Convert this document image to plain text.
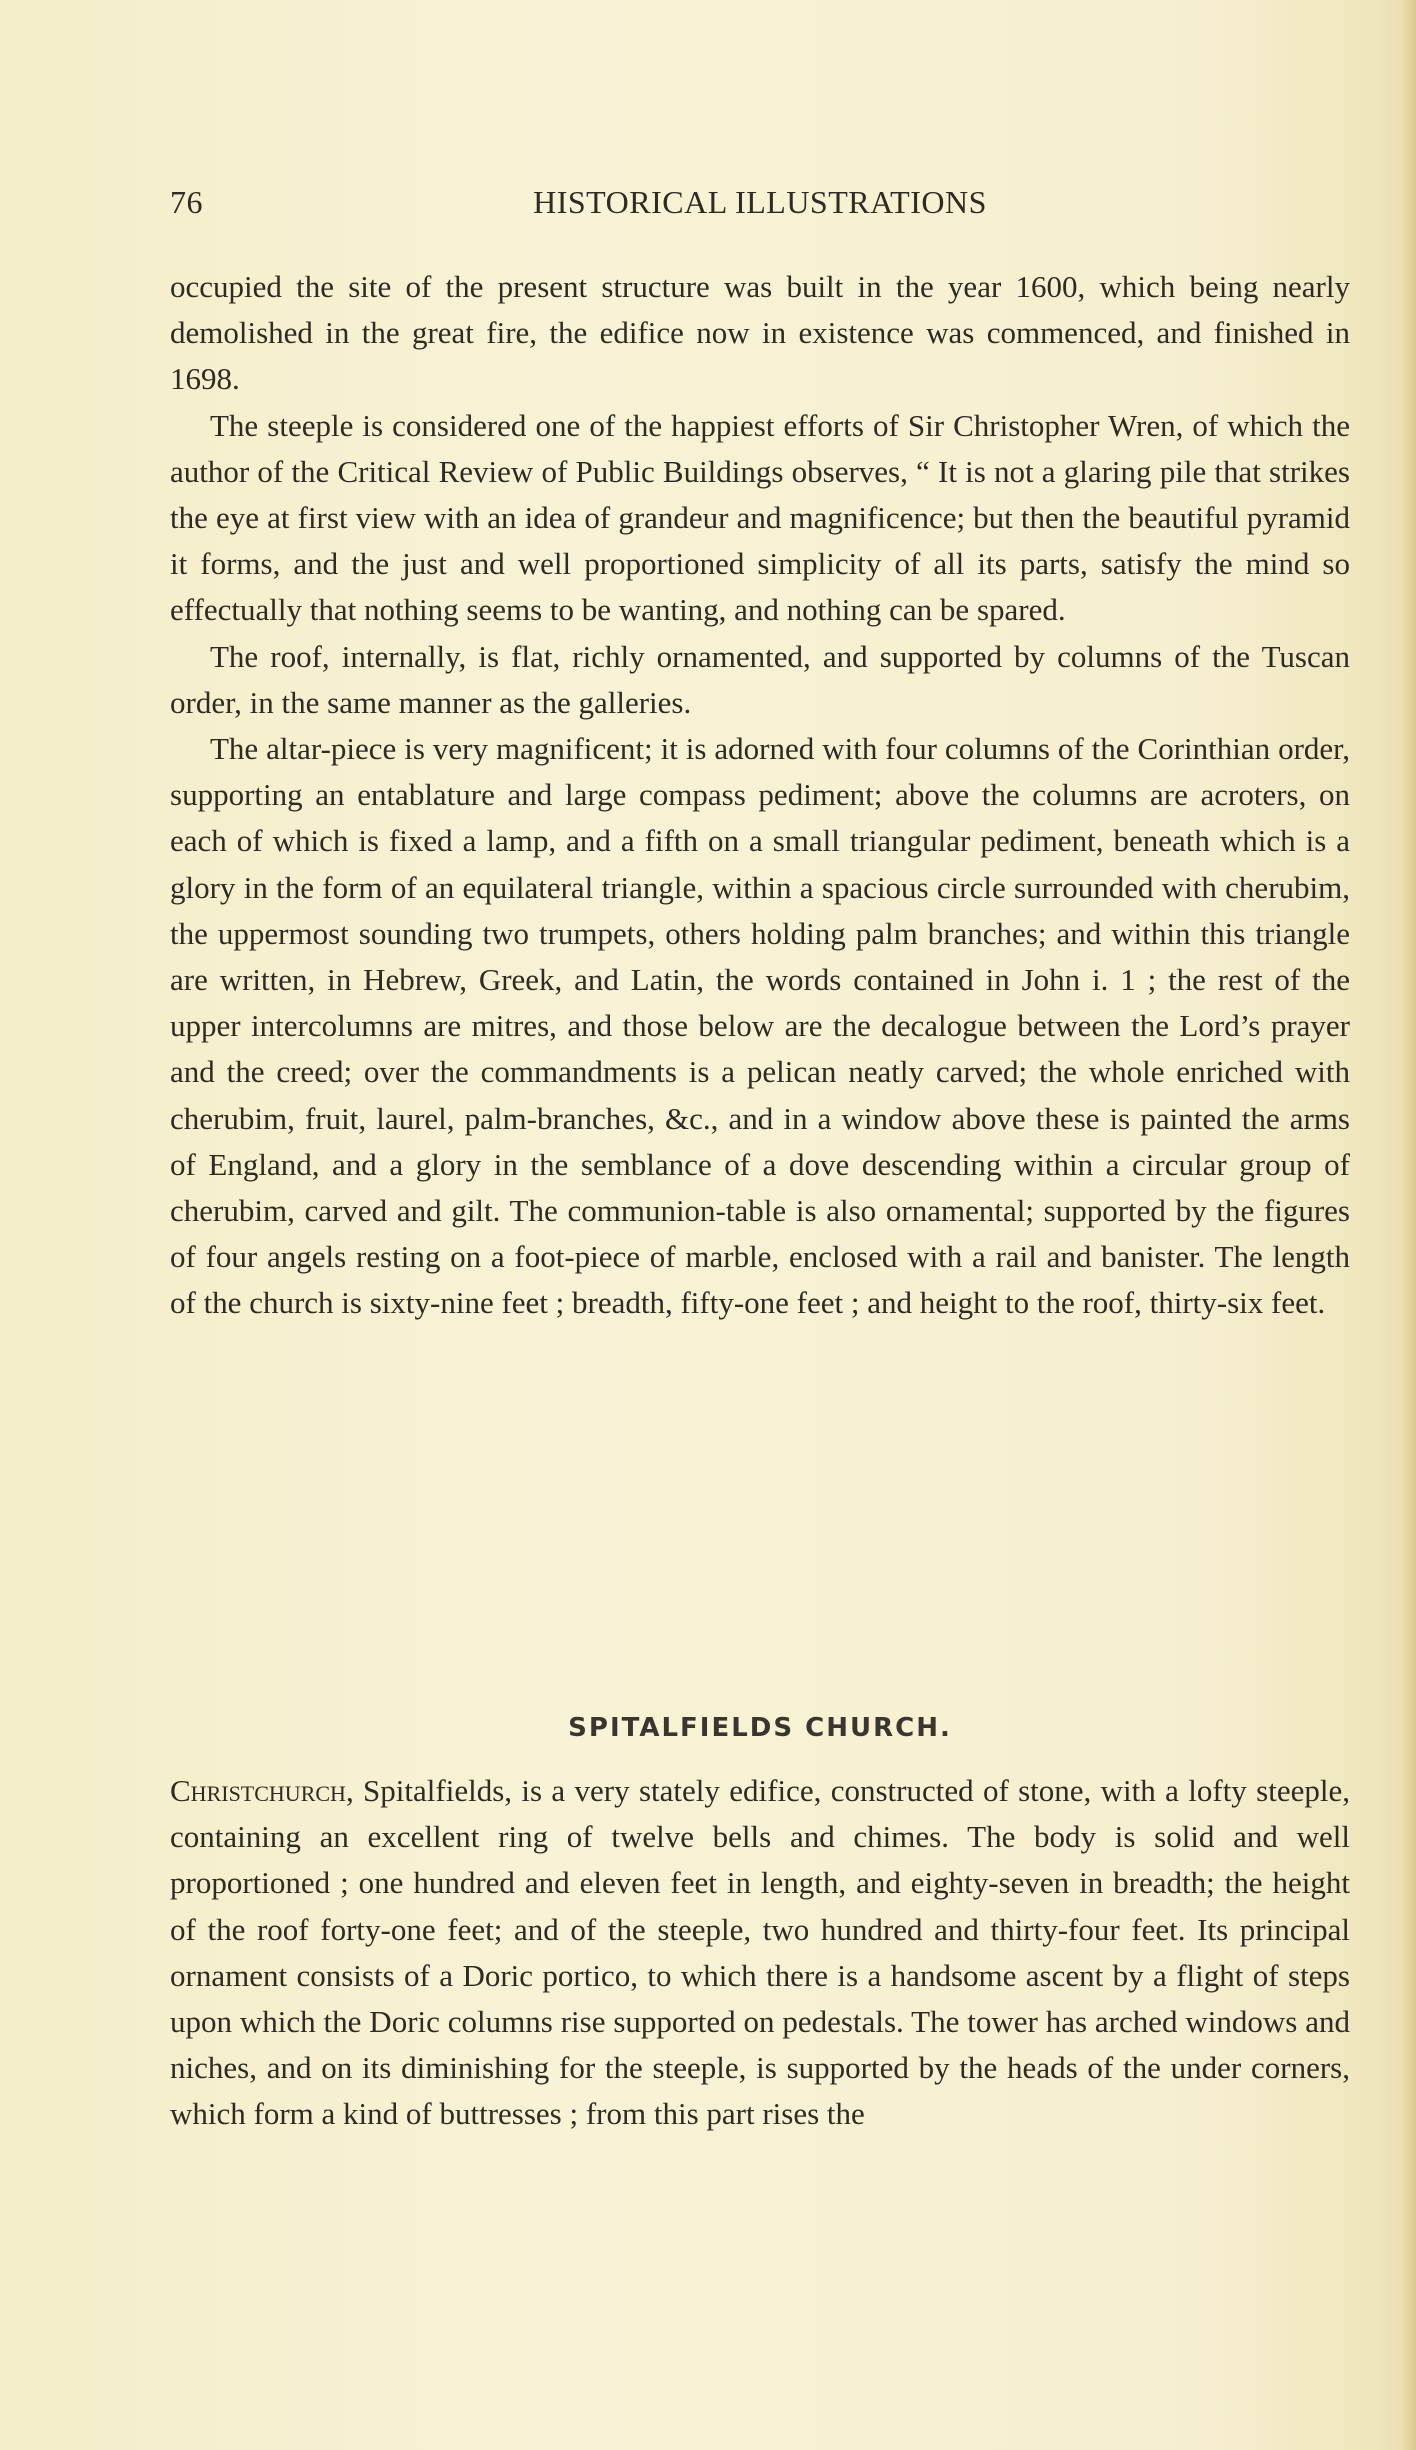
76	HISTORICAL ILLUSTRATIONS

occupied the site of the present structure was built in the year 1600, which being nearly demolished in the great fire, the edifice now in existence was commenced, and finished in 1698.

The steeple is considered one of the happiest efforts of Sir Christopher Wren, of which the author of the Critical Review of Public Buildings observes, “ It is not a glaring pile that strikes the eye at first view with an idea of grandeur and magnificence; but then the beautiful pyramid it forms, and the just and well proportioned simplicity of all its parts, satisfy the mind so effectually that nothing seems to be wanting, and nothing can be spared.

The roof, internally, is flat, richly ornamented, and supported by columns of the Tuscan order, in the same manner as the galleries.

The altar-piece is very magnificent; it is adorned with four columns of the Corinthian order, supporting an entablature and large compass pediment; above the columns are acroters, on each of which is fixed a lamp, and a fifth on a small triangular pediment, beneath which is a glory in the form of an equilateral triangle, within a spacious circle surrounded with cherubim, the uppermost sounding two trumpets, others holding palm branches; and within this triangle are written, in Hebrew, Greek, and Latin, the words contained in John i. 1 ; the rest of the upper intercolumns are mitres, and those below are the decalogue between the Lord’s prayer and the creed; over the commandments is a pelican neatly carved; the whole enriched with cherubim, fruit, laurel, palm-branches, &c., and in a window above these is painted the arms of England, and a glory in the semblance of a dove descending within a circular group of cherubim, carved and gilt. The communion-table is also ornamental; supported by the figures of four angels resting on a foot-piece of marble, enclosed with a rail and banister. The length of the church is sixty-nine feet ; breadth, fifty-one feet ; and height to the roof, thirty-six feet.

SPITALFIELDS CHURCH.

Christchurch, Spitalfields, is a very stately edifice, constructed of stone, with a lofty steeple, containing an excellent ring of twelve bells and chimes. The body is solid and well proportioned ; one hundred and eleven feet in length, and eighty-seven in breadth; the height of the roof forty-one feet; and of the steeple, two hundred and thirty-four feet. Its principal ornament consists of a Doric portico, to which there is a handsome ascent by a flight of steps upon which the Doric columns rise supported on pedestals. The tower has arched windows and niches, and on its diminishing for the steeple, is supported by the heads of the under corners, which form a kind of buttresses ; from this part rises the
